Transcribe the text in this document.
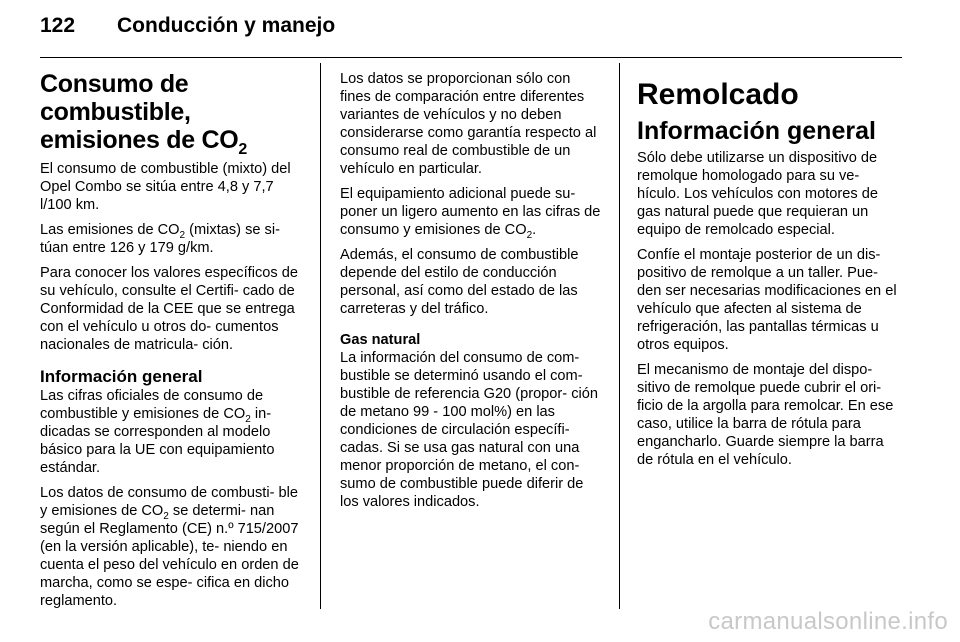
122	Conducción y manejo
Consumo de combustible, emisiones de $CO_2$

El consumo de combustible (mixto) del Opel Combo se sitúa entre 4,8 y 7,7 l/100 km.

Las emisiones de $CO_2$ (mixtas) se si- túan entre 126 y 179 g/km.

Para conocer los valores específicos de su vehículo, consulte el Certifi- cado de Conformidad de la CEE que se entrega con el vehículo u otros do- cumentos nacionales de matricula- ción.

Información general

Las cifras oficiales de consumo de combustible y emisiones de $CO_2$ in- dicadas se corresponden al modelo básico para la UE con equipamiento estándar.

Los datos de consumo de combusti- ble y emisiones de $CO_2$ se determi- nan según el Reglamento (CE) n.º 715/2007 (en la versión aplicable), te- niendo en cuenta el peso del vehículo en orden de marcha, como se espe- cifica en dicho reglamento.

Los datos se proporcionan sólo con fines de comparación entre diferentes variantes de vehículos y no deben considerarse como garantía respecto al consumo real de combustible de un vehículo en particular.

El equipamiento adicional puede su- poner un ligero aumento en las cifras de consumo y emisiones de $CO_2$.

Además, el consumo de combustible depende del estilo de conducción personal, así como del estado de las carreteras y del tráfico.

Gas natural

La información del consumo de com- bustible se determinó usando el com- bustible de referencia G20 (propor- ción de metano 99 - 100 mol%) en las condiciones de circulación específi- cadas. Si se usa gas natural con una menor proporción de metano, el con- sumo de combustible puede diferir de los valores indicados.

Remolcado
Información general

Sólo debe utilizarse un dispositivo de remolque homologado para su ve- hículo. Los vehículos con motores de gas natural puede que requieran un equipo de remolcado especial.

Confíe el montaje posterior de un dis- positivo de remolque a un taller. Pue- den ser necesarias modificaciones en el vehículo que afecten al sistema de refrigeración, las pantallas térmicas u otros equipos.

El mecanismo de montaje del dispo- sitivo de remolque puede cubrir el ori- ficio de la argolla para remolcar. En ese caso, utilice la barra de rótula para engancharlo. Guarde siempre la barra de rótula en el vehículo.

carmanualsonline.info
